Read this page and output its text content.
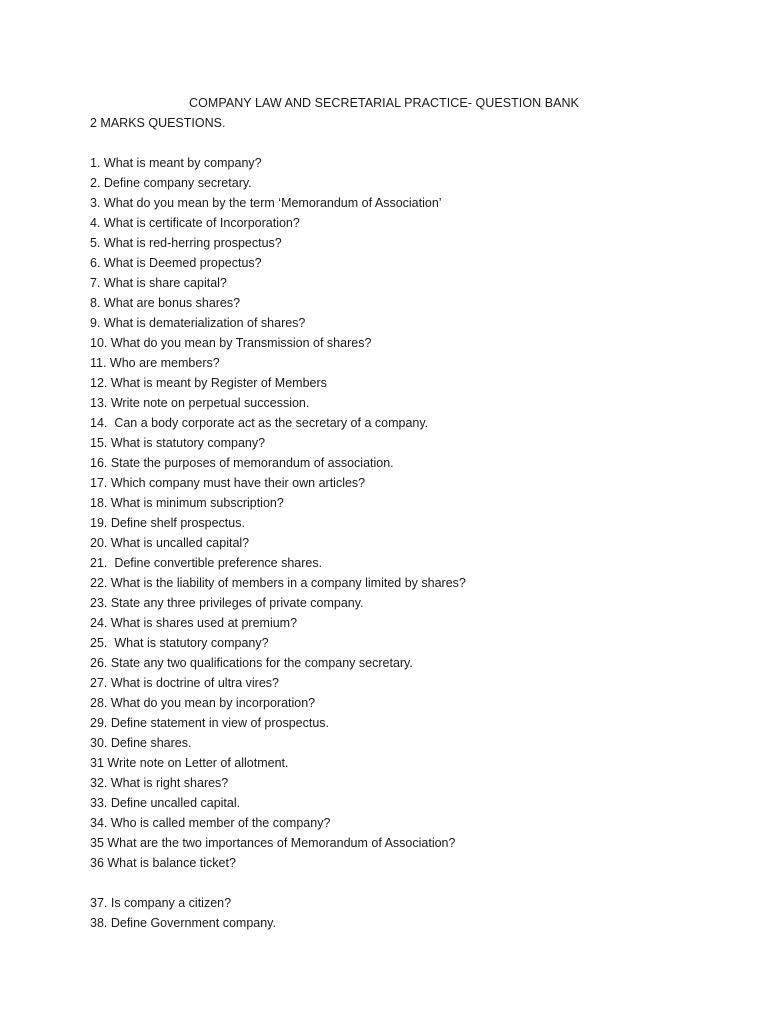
COMPANY LAW AND SECRETARIAL PRACTICE- QUESTION BANK
2 MARKS QUESTIONS.
1. What is meant by company?
2. Define company secretary.
3. What do you mean by the term ‘Memorandum of Association’
4. What is certificate of Incorporation?
5. What is red-herring prospectus?
6. What is Deemed propectus?
7. What is share capital?
8. What are bonus shares?
9. What is dematerialization of shares?
10. What do you mean by Transmission of shares?
11. Who are members?
12. What is meant by Register of Members
13. Write note on perpetual succession.
14.  Can a body corporate act as the secretary of a company.
15. What is statutory company?
16. State the purposes of memorandum of association.
17. Which company must have their own articles?
18. What is minimum subscription?
19. Define shelf prospectus.
20. What is uncalled capital?
21.  Define convertible preference shares.
22. What is the liability of members in a company limited by shares?
23. State any three privileges of private company.
24. What is shares used at premium?
25.  What is statutory company?
26. State any two qualifications for the company secretary.
27. What is doctrine of ultra vires?
28. What do you mean by incorporation?
29. Define statement in view of prospectus.
30. Define shares.
31 Write note on Letter of allotment.
32. What is right shares?
33. Define uncalled capital.
34. Who is called member of the company?
35 What are the two importances of Memorandum of Association?
36 What is balance ticket?
37. Is company a citizen?
38. Define Government company.
